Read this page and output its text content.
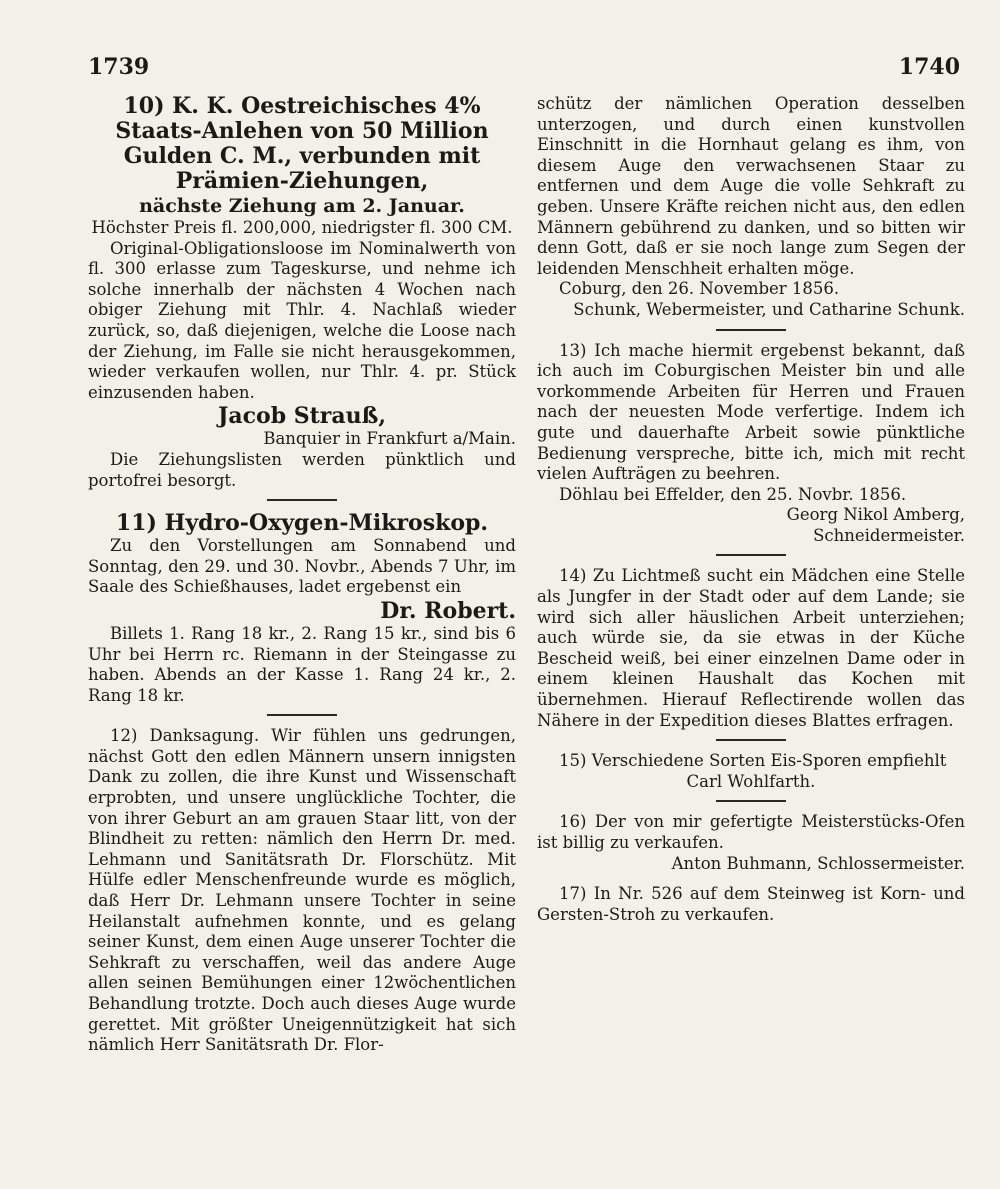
1739	1740
10) K. K. Oestreichisches 4% Staats-Anlehen von 50 Million Gulden C. M., verbunden mit Prämien-Ziehungen,
nächste Ziehung am 2. Januar.

Höchster Preis fl. 200,000, niedrigster fl. 300 CM.

Original-Obligationsloose im Nominalwerth von fl. 300 erlasse zum Tageskurse, und nehme ich solche innerhalb der nächsten 4 Wochen nach obiger Ziehung mit Thlr. 4. Nachlaß wieder zurück, so, daß diejenigen, welche die Loose nach der Ziehung, im Falle sie nicht herausgekommen, wieder verkaufen wollen, nur Thlr. 4. pr. Stück einzusenden haben.

Jacob Strauß,

Banquier in Frankfurt a/Main.

Die Ziehungslisten werden pünktlich und portofrei besorgt.

11) Hydro-Oxygen-Mikroskop.

Zu den Vorstellungen am Sonnabend und Sonntag, den 29. und 30. Novbr., Abends 7 Uhr, im Saale des Schießhauses, ladet ergebenst ein

Dr. Robert.

Billets 1. Rang 18 kr., 2. Rang 15 kr., sind bis 6 Uhr bei Herrn rc. Riemann in der Steingasse zu haben. Abends an der Kasse 1. Rang 24 kr., 2. Rang 18 kr.

12) Danksagung. Wir fühlen uns gedrungen, nächst Gott den edlen Männern unsern innigsten Dank zu zollen, die ihre Kunst und Wissenschaft erprobten, und unsere unglückliche Tochter, die von ihrer Geburt an am grauen Staar litt, von der Blindheit zu retten: nämlich den Herrn Dr. med. Lehmann und Sanitätsrath Dr. Florschütz. Mit Hülfe edler Menschenfreunde wurde es möglich, daß Herr Dr. Lehmann unsere Tochter in seine Heilanstalt aufnehmen konnte, und es gelang seiner Kunst, dem einen Auge unserer Tochter die Sehkraft zu verschaffen, weil das andere Auge allen seinen Bemühungen einer 12wöchentlichen Behandlung trotzte. Doch auch dieses Auge wurde gerettet. Mit größter Uneigennützigkeit hat sich nämlich Herr Sanitätsrath Dr. Flor-

schütz der nämlichen Operation desselben unterzogen, und durch einen kunstvollen Einschnitt in die Hornhaut gelang es ihm, von diesem Auge den verwachsenen Staar zu entfernen und dem Auge die volle Sehkraft zu geben. Unsere Kräfte reichen nicht aus, den edlen Männern gebührend zu danken, und so bitten wir denn Gott, daß er sie noch lange zum Segen der leidenden Menschheit erhalten möge.

Coburg, den 26. November 1856.

Schunk, Webermeister, und Catharine Schunk.

13) Ich mache hiermit ergebenst bekannt, daß ich auch im Coburgischen Meister bin und alle vorkommende Arbeiten für Herren und Frauen nach der neuesten Mode verfertige. Indem ich gute und dauerhafte Arbeit sowie pünktliche Bedienung verspreche, bitte ich, mich mit recht vielen Aufträgen zu beehren.

Döhlau bei Effelder, den 25. Novbr. 1856.

Georg Nikol Amberg,

Schneidermeister.

14) Zu Lichtmeß sucht ein Mädchen eine Stelle als Jungfer in der Stadt oder auf dem Lande; sie wird sich aller häuslichen Arbeit unterziehen; auch würde sie, da sie etwas in der Küche Bescheid weiß, bei einer einzelnen Dame oder in einem kleinen Haushalt das Kochen mit übernehmen. Hierauf Reflectirende wollen das Nähere in der Expedition dieses Blattes erfragen.

15) Verschiedene Sorten Eis-Sporen empfiehlt

Carl Wohlfarth.

16) Der von mir gefertigte Meisterstücks-Ofen ist billig zu verkaufen.

Anton Buhmann, Schlossermeister.

17) In Nr. 526 auf dem Steinweg ist Korn- und Gersten-Stroh zu verkaufen.
